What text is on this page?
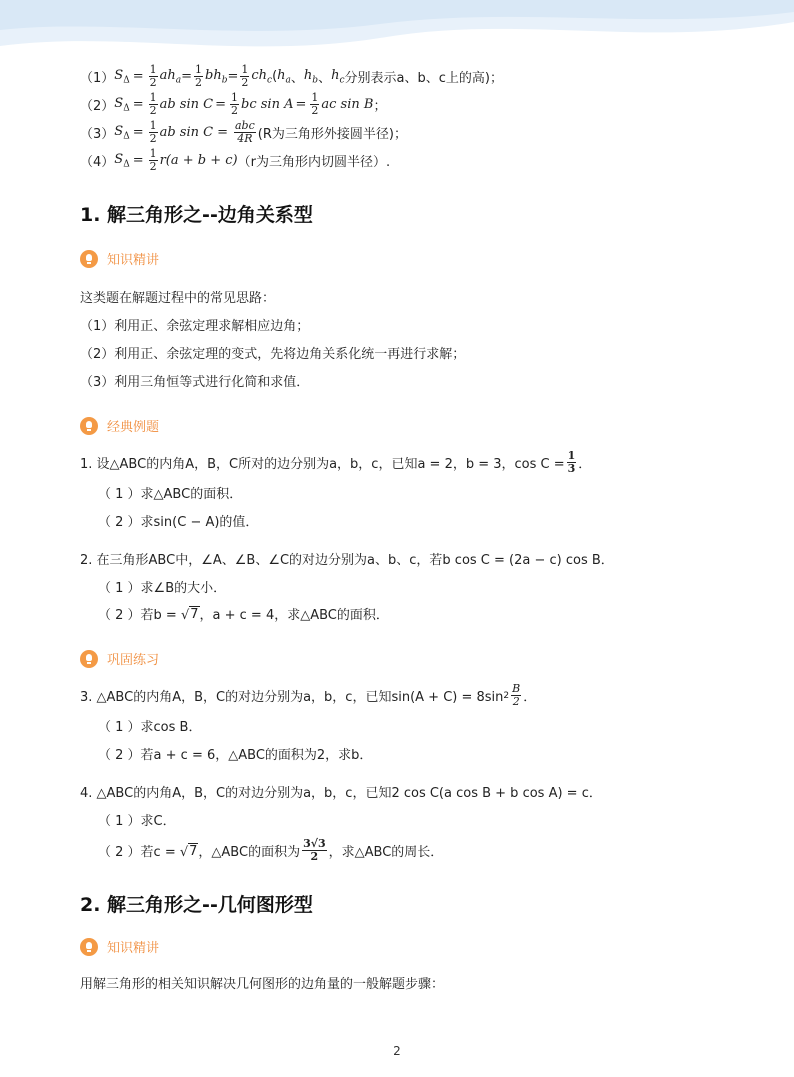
（1） $S_\Delta = \frac{1}{2} ah_a = \frac{1}{2} bh_b = \frac{1}{2} ch_c$ ( $h_a$ 、 $h_b$ 、 $h_c$ 分别表示a、b、c上的高)；
（2） $S_\Delta = \frac{1}{2}$ ab $\sin C = \frac{1}{2}$ bc $\sin A = \frac{1}{2}$ ac sin B ；
（3） $S_\Delta = \frac{1}{2}$ ab $\sin C = \frac{\text{abc}}{4R} (R$为三角形外接圆半径)；
（4） $S_\Delta = \frac{1}{2} r(a + b + c)$ （r为三角形内切圆半径）.
1. 解三角形之--边角关系型
知识精讲
这类题在解题过程中的常见思路：
（1）利用正、余弦定理求解相应边角；
（2）利用正、余弦定理的变式，先将边角关系化统一再进行求解；
（3）利用三角恒等式进行化简和求值．
经典例题
1. 设△ABC的内角A，B，C所对的边分别为a，b，c，已知a = 2，b = 3，$\cos C = \frac{1}{3}$ ．
（ 1 ）求△ABC的面积．
（ 2 ）求sin(C − A)的值．
2. 在三角形ABC中，∠A、∠B、∠C的对边分别为a、b、c，若b cos C = (2a − c) cos B．
（ 1 ）求∠B的大小．
（ 2 ）若b = √ 7 ，a + c = 4，求△ABC的面积．
巩固练习
3. △ABC的内角A，B，C的对边分别为a，b，c，已知sin(A + C) = 8sin $2 \frac{B}{2}$ ．
（ 1 ）求cos B．
（ 2 ）若a + c = 6，△ABC的面积为2，求b．
4. △ABC的内角A，B，C的对边分别为a，b，c，已知2 cos C(a cos B + b cos A) = c．
（ 1 ）求C．
（ 2 ）若c = √ 7 ，△ABC的面积为 $\frac{3√3}{2}$ ，求△ABC的周长．
2. 解三角形之--几何图形型
知识精讲
用解三角形的相关知识解决几何图形的边角量的一般解题步骤：
2
